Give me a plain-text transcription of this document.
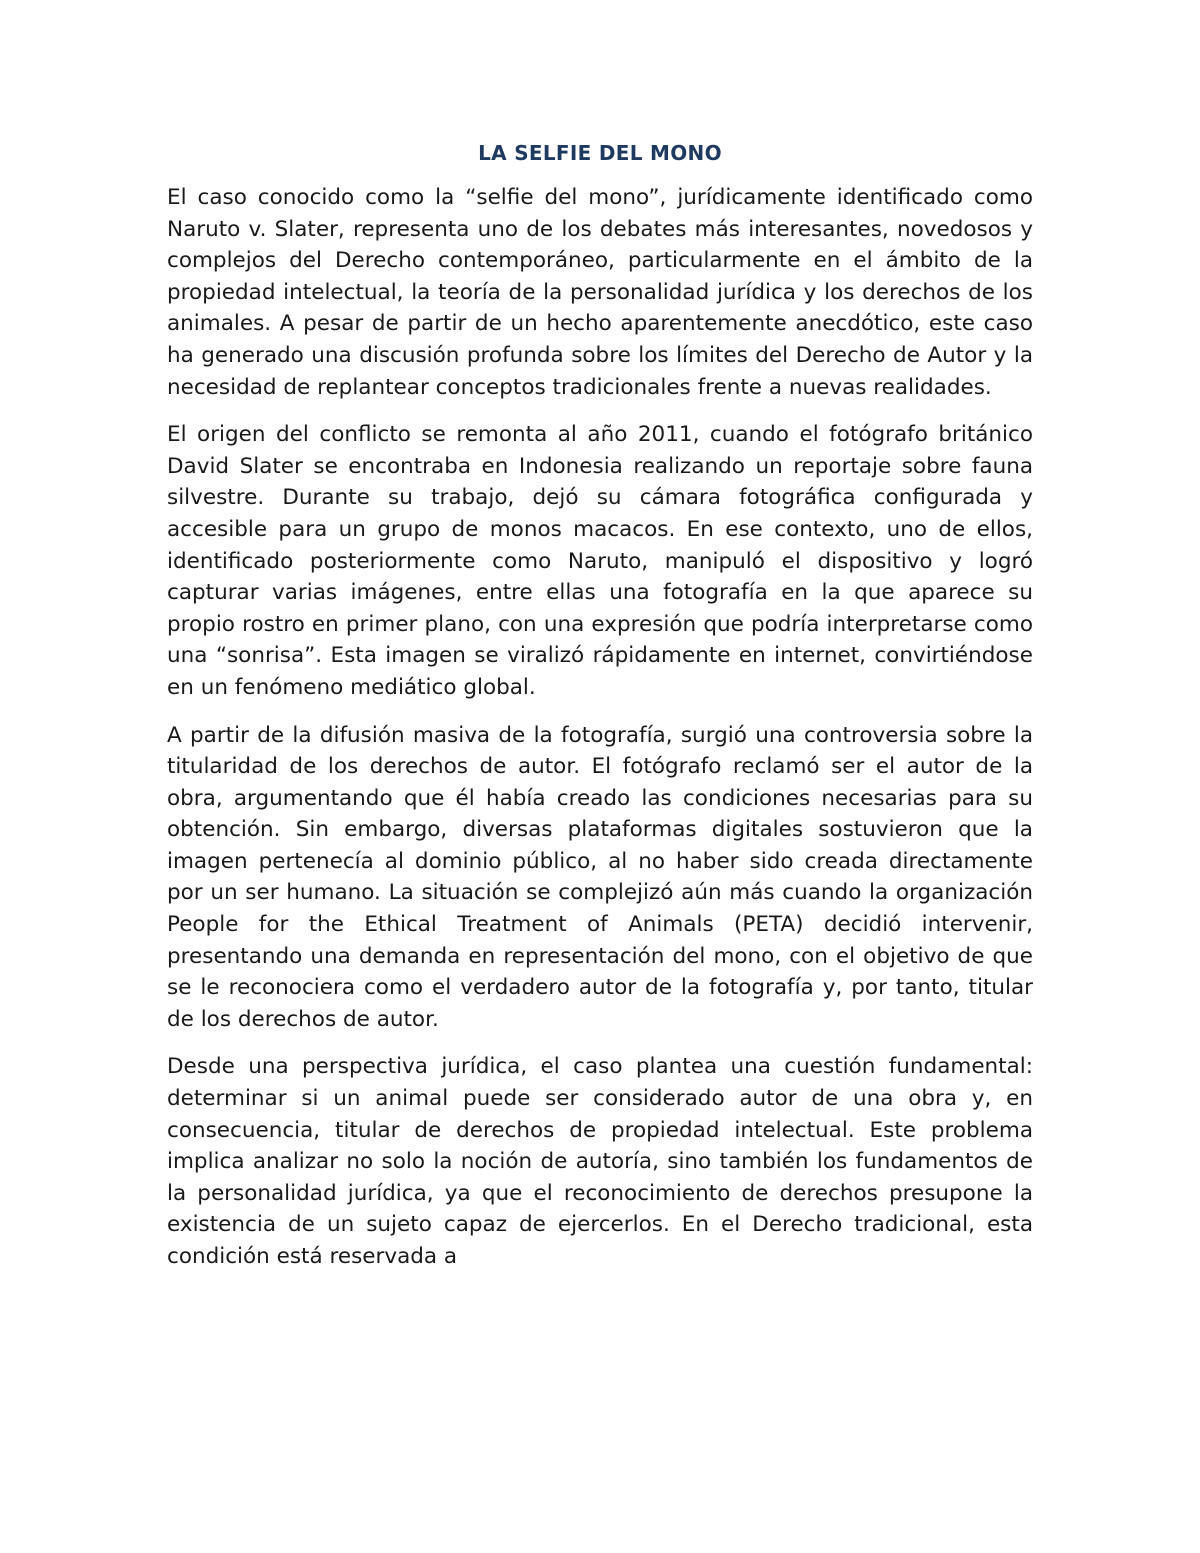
LA SELFIE DEL MONO

El caso conocido como la “selfie del mono”, jurídicamente identificado como Naruto v. Slater, representa uno de los debates más interesantes, novedosos y complejos del Derecho contemporáneo, particularmente en el ámbito de la propiedad intelectual, la teoría de la personalidad jurídica y los derechos de los animales. A pesar de partir de un hecho aparentemente anecdótico, este caso ha generado una discusión profunda sobre los límites del Derecho de Autor y la necesidad de replantear conceptos tradicionales frente a nuevas realidades.

El origen del conflicto se remonta al año 2011, cuando el fotógrafo británico David Slater se encontraba en Indonesia realizando un reportaje sobre fauna silvestre. Durante su trabajo, dejó su cámara fotográfica configurada y accesible para un grupo de monos macacos. En ese contexto, uno de ellos, identificado posteriormente como Naruto, manipuló el dispositivo y logró capturar varias imágenes, entre ellas una fotografía en la que aparece su propio rostro en primer plano, con una expresión que podría interpretarse como una “sonrisa”. Esta imagen se viralizó rápidamente en internet, convirtiéndose en un fenómeno mediático global.

A partir de la difusión masiva de la fotografía, surgió una controversia sobre la titularidad de los derechos de autor. El fotógrafo reclamó ser el autor de la obra, argumentando que él había creado las condiciones necesarias para su obtención. Sin embargo, diversas plataformas digitales sostuvieron que la imagen pertenecía al dominio público, al no haber sido creada directamente por un ser humano. La situación se complejizó aún más cuando la organización People for the Ethical Treatment of Animals (PETA) decidió intervenir, presentando una demanda en representación del mono, con el objetivo de que se le reconociera como el verdadero autor de la fotografía y, por tanto, titular de los derechos de autor.

Desde una perspectiva jurídica, el caso plantea una cuestión fundamental: determinar si un animal puede ser considerado autor de una obra y, en consecuencia, titular de derechos de propiedad intelectual. Este problema implica analizar no solo la noción de autoría, sino también los fundamentos de la personalidad jurídica, ya que el reconocimiento de derechos presupone la existencia de un sujeto capaz de ejercerlos. En el Derecho tradicional, esta condición está reservada a
